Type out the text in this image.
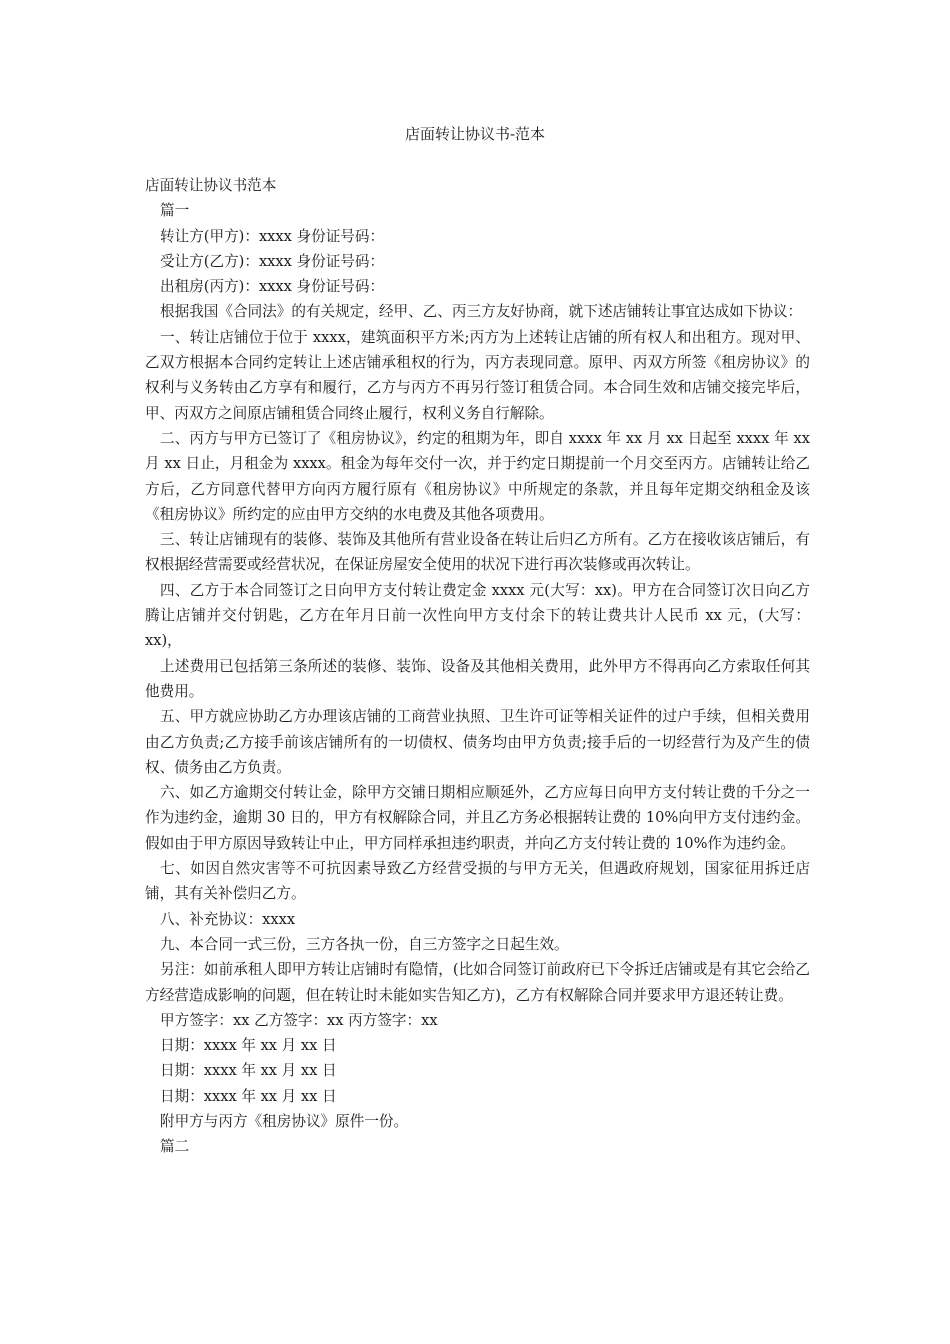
店面转让协议书-范本

店面转让协议书范本

篇一

转让方(甲方)：xxxx 身份证号码：

受让方(乙方)：xxxx 身份证号码：

出租房(丙方)：xxxx 身份证号码：

根据我国《合同法》的有关规定，经甲、乙、丙三方友好协商，就下述店铺转让事宜达成如下协议：

一、转让店铺位于位于 xxxx，建筑面积平方米;丙方为上述转让店铺的所有权人和出租方。现对甲、乙双方根据本合同约定转让上述店铺承租权的行为，丙方表现同意。原甲、丙双方所签《租房协议》的权利与义务转由乙方享有和履行，乙方与丙方不再另行签订租赁合同。本合同生效和店铺交接完毕后，甲、丙双方之间原店铺租赁合同终止履行，权利义务自行解除。

二、丙方与甲方已签订了《租房协议》，约定的租期为年，即自 xxxx 年 xx 月 xx 日起至 xxxx 年 xx 月 xx 日止，月租金为 xxxx。租金为每年交付一次，并于约定日期提前一个月交至丙方。店铺转让给乙方后，乙方同意代替甲方向丙方履行原有《租房协议》中所规定的条款，并且每年定期交纳租金及该《租房协议》所约定的应由甲方交纳的水电费及其他各项费用。

三、转让店铺现有的装修、装饰及其他所有营业设备在转让后归乙方所有。乙方在接收该店铺后，有权根据经营需要或经营状况，在保证房屋安全使用的状况下进行再次装修或再次转让。

四、乙方于本合同签订之日向甲方支付转让费定金 xxxx 元(大写：xx)。甲方在合同签订次日向乙方腾让店铺并交付钥匙，乙方在年月日前一次性向甲方支付余下的转让费共计人民币 xx 元，(大写：xx)，

上述费用已包括第三条所述的装修、装饰、设备及其他相关费用，此外甲方不得再向乙方索取任何其他费用。

五、甲方就应协助乙方办理该店铺的工商营业执照、卫生许可证等相关证件的过户手续，但相关费用由乙方负责;乙方接手前该店铺所有的一切债权、债务均由甲方负责;接手后的一切经营行为及产生的债权、债务由乙方负责。

六、如乙方逾期交付转让金，除甲方交铺日期相应顺延外，乙方应每日向甲方支付转让费的千分之一作为违约金，逾期 30 日的，甲方有权解除合同，并且乙方务必根据转让费的 10%向甲方支付违约金。假如由于甲方原因导致转让中止，甲方同样承担违约职责，并向乙方支付转让费的 10%作为违约金。

七、如因自然灾害等不可抗因素导致乙方经营受损的与甲方无关，但遇政府规划，国家征用拆迁店铺，其有关补偿归乙方。

八、补充协议：xxxx

九、本合同一式三份，三方各执一份，自三方签字之日起生效。

另注：如前承租人即甲方转让店铺时有隐情，(比如合同签订前政府已下令拆迁店铺或是有其它会给乙方经营造成影响的问题，但在转让时未能如实告知乙方)，乙方有权解除合同并要求甲方退还转让费。

甲方签字：xx 乙方签字：xx 丙方签字：xx

日期：xxxx 年 xx 月 xx 日

日期：xxxx 年 xx 月 xx 日

日期：xxxx 年 xx 月 xx 日

附甲方与丙方《租房协议》原件一份。

篇二
